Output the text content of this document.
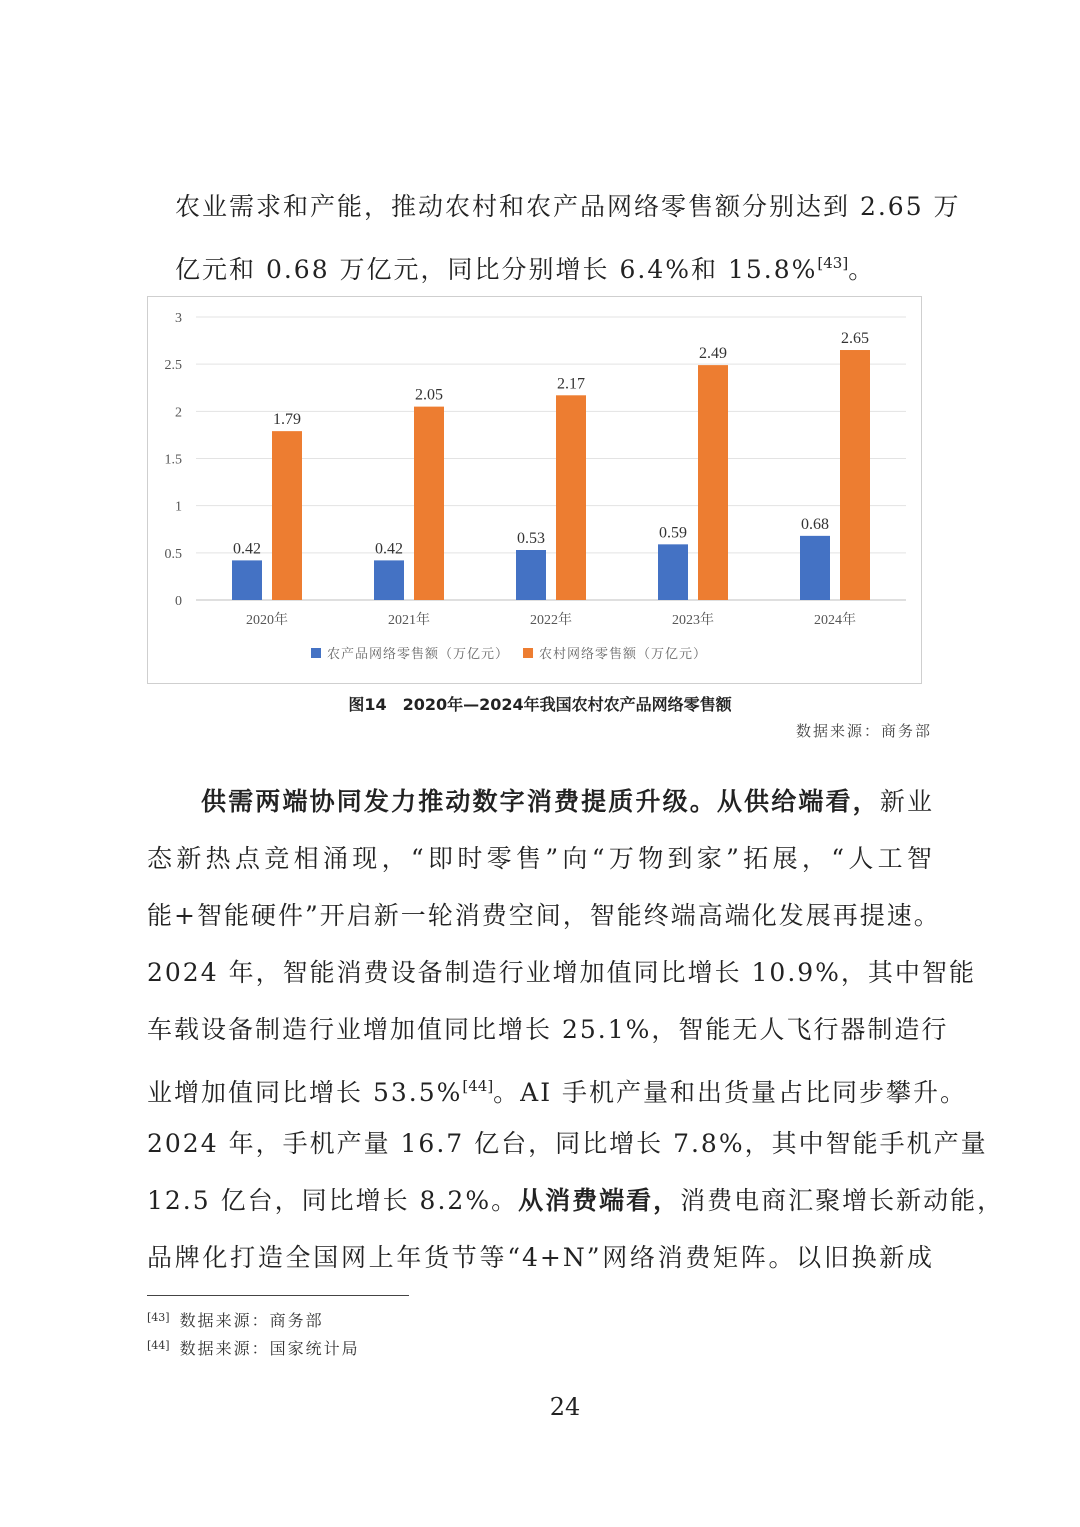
农业需求和产能，推动农村和农产品网络零售额分别达到 2.65 万
亿元和 0.68 万亿元，同比分别增长 6.4%和 15.8%[43]。
0
0.5
1
1.5
2
2.5
3
0.42
1.79
0.42
2.05
0.53
2.17
0.59
2.49
0.68
2.65
2020年	2021年	2022年	2023年	2024年
农产品网络零售额（万亿元） 农村网络零售额（万亿元）
图14　2020年—2024年我国农村农产品网络零售额
数据来源：商务部
供需两端协同发力推动数字消费提质升级。从供给端看，新业
态新热点竞相涌现，“即时零售”向“万物到家”拓展，“人工智
能+智能硬件”开启新一轮消费空间，智能终端高端化发展再提速。
2024 年，智能消费设备制造行业增加值同比增长 10.9%，其中智能
车载设备制造行业增加值同比增长 25.1%，智能无人飞行器制造行
业增加值同比增长 53.5%[44]。AI 手机产量和出货量占比同步攀升。
2024 年，手机产量 16.7 亿台，同比增长 7.8%，其中智能手机产量
12.5 亿台，同比增长 8.2%。从消费端看，消费电商汇聚增长新动能，
品牌化打造全国网上年货节等“4+N”网络消费矩阵。以旧换新成
[43] 数据来源：商务部
[44] 数据来源：国家统计局
24
